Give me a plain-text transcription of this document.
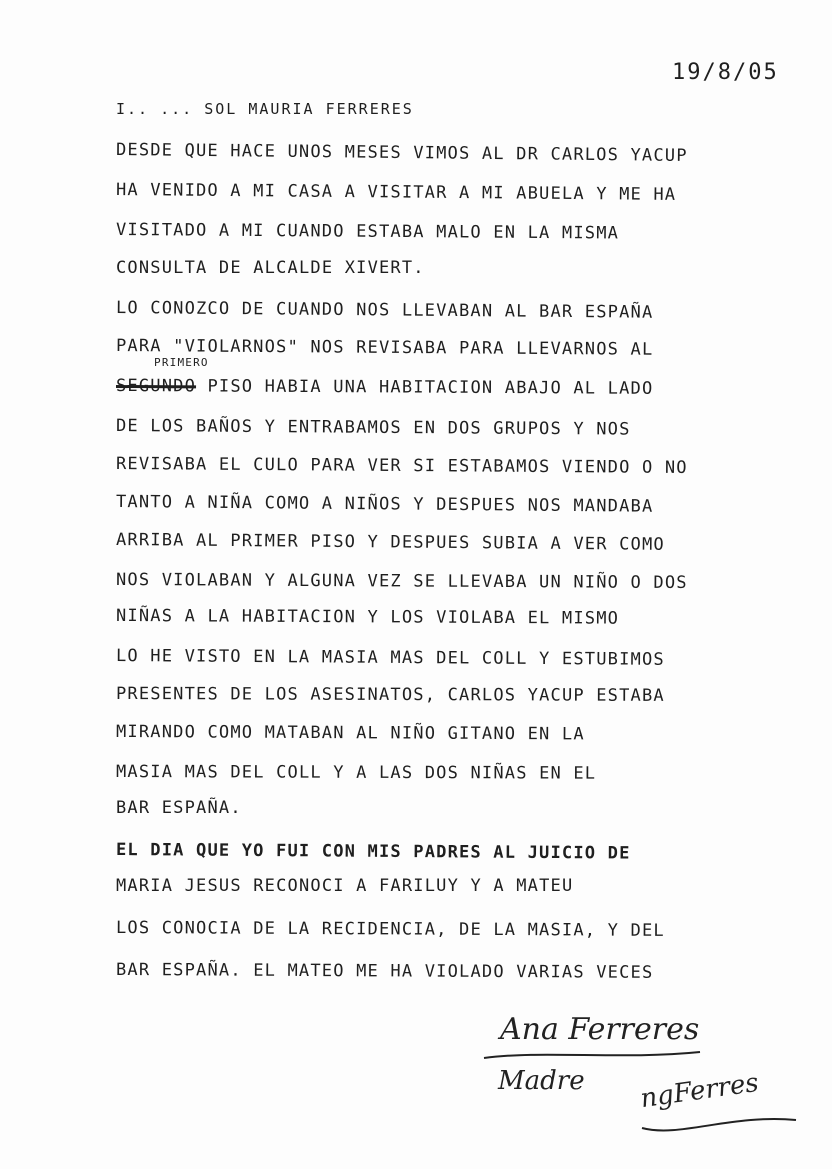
19/8/05
I.. ... SOL MAURIA FERRERES
DESDE QUE HACE UNOS MESES VIMOS AL DR CARLOS YACUP
HA VENIDO A MI CASA A VISITAR A MI ABUELA Y ME HA
VISITADO A MI CUANDO ESTABA MALO EN LA MISMA
CONSULTA DE ALCALDE XIVERT.
LO CONOZCO DE CUANDO NOS LLEVABAN AL BAR ESPAÑA
PARA "VIOLARNOS" NOS REVISABA PARA LLEVARNOS AL
PRIMERO
SEGUNDO PISO HABIA UNA HABITACION ABAJO AL LADO
DE LOS BAÑOS Y ENTRABAMOS EN DOS GRUPOS Y NOS
REVISABA EL CULO PARA VER SI ESTABAMOS VIENDO O NO
TANTO A NIÑA COMO A NIÑOS Y DESPUES NOS MANDABA
ARRIBA AL PRIMER PISO Y DESPUES SUBIA A VER COMO
NOS VIOLABAN Y ALGUNA VEZ SE LLEVABA UN NIÑO O DOS
NIÑAS A LA HABITACION Y LOS VIOLABA EL MISMO
LO HE VISTO EN LA MASIA MAS DEL COLL Y ESTUBIMOS
PRESENTES DE LOS ASESINATOS, CARLOS YACUP ESTABA
MIRANDO COMO MATABAN AL NIÑO GITANO EN LA
MASIA MAS DEL COLL Y A LAS DOS NIÑAS EN EL
BAR ESPAÑA.
EL DIA QUE YO FUI CON MIS PADRES AL JUICIO DE
MARIA JESUS RECONOCI A FARILUY Y A MATEU
LOS CONOCIA DE LA RECIDENCIA, DE LA MASIA, Y DEL
BAR ESPAÑA. EL MATEO ME HA VIOLADO VARIAS VECES
Ana Ferreres
Madre ngFerres
